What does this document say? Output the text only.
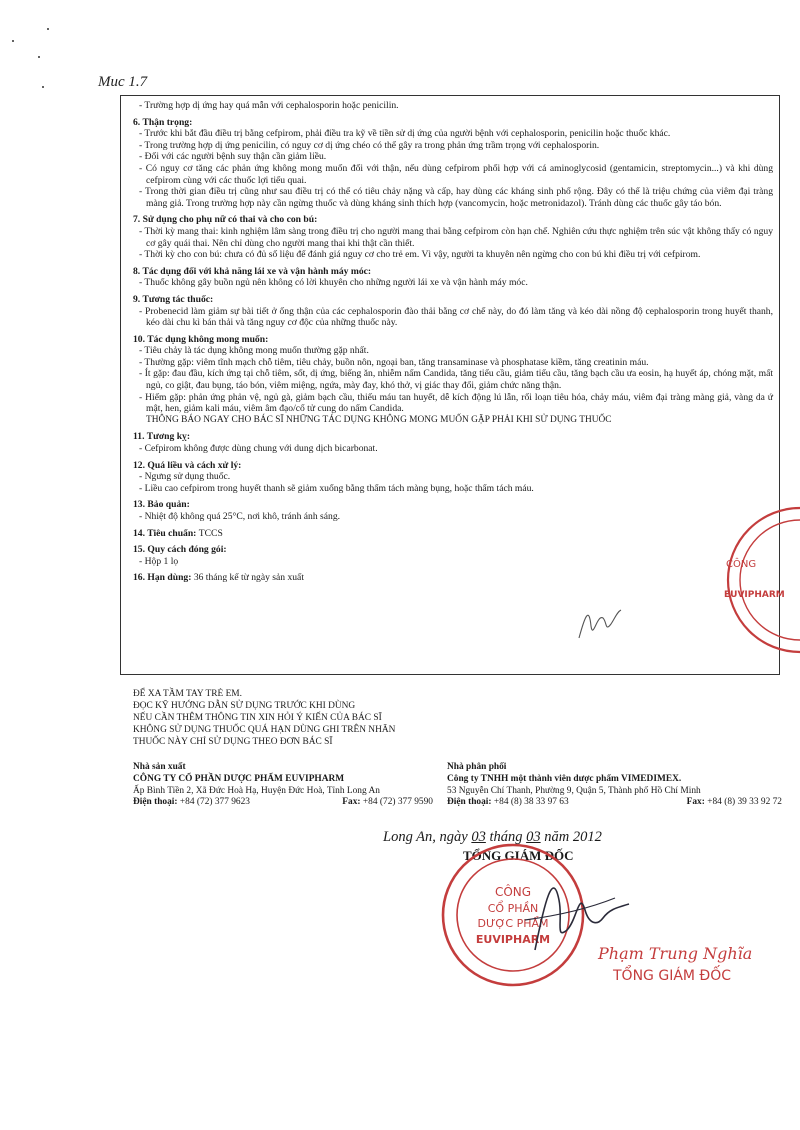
Muc 1.7
- Trường hợp dị ứng hay quá mẫn với cephalosporin hoặc penicilin.
6. Thận trọng:
- Trước khi bắt đầu điều trị bằng cefpirom, phải điều tra kỹ về tiền sử dị ứng của người bệnh với cephalosporin, penicilin hoặc thuốc khác.
- Trong trường hợp dị ứng penicilin, có nguy cơ dị ứng chéo có thể gây ra trong phản ứng trầm trọng với cephalosporin.
- Đối với các người bệnh suy thận cần giảm liều.
- Có nguy cơ tăng các phản ứng không mong muốn đối với thận, nếu dùng cefpirom phối hợp với cá aminoglycosid (gentamicin, streptomycin...) và khi dùng cefpirom cùng với các thuốc lợi tiểu quai.
- Trong thời gian điều trị cũng như sau điều trị có thể có tiêu chảy nặng và cấp, hay dùng các kháng sinh phổ rộng. Đây có thể là triệu chứng của viêm đại tràng màng giả. Trong trường hợp này cần ngừng thuốc và dùng kháng sinh thích hợp (vancomycin, hoặc metronidazol). Tránh dùng các thuốc gây táo bón.
7. Sử dụng cho phụ nữ có thai và cho con bú:
- Thời kỳ mang thai: kinh nghiệm lâm sàng trong điều trị cho người mang thai bằng cefpirom còn hạn chế. Nghiên cứu thực nghiệm trên súc vật không thấy có nguy cơ gây quái thai. Nên chỉ dùng cho người mang thai khi thật cần thiết.
- Thời kỳ cho con bú: chưa có đủ số liệu để đánh giá nguy cơ cho trẻ em. Vì vậy, người ta khuyên nên ngừng cho con bú khi điều trị với cefpirom.
8. Tác dụng đối với khả năng lái xe và vận hành máy móc:
- Thuốc không gây buồn ngủ nên không có lời khuyên cho những người lái xe và vận hành máy móc.
9. Tương tác thuốc:
- Probenecid làm giảm sự bài tiết ở ống thận của các cephalosporin đào thải bằng cơ chế này, do đó làm tăng và kéo dài nồng độ cephalosporin trong huyết thanh, kéo dài chu kì bán thải và tăng nguy cơ độc của những thuốc này.
10. Tác dụng không mong muốn:
- Tiêu chảy là tác dụng không mong muốn thường gặp nhất.
- Thường gặp: viêm tĩnh mạch chỗ tiêm, tiêu chảy, buồn nôn, ngoại ban, tăng transaminase và phosphatase kiềm, tăng creatinin máu.
- Ít gặp: đau đầu, kích ứng tại chỗ tiêm, sốt, dị ứng, biếng ăn, nhiễm nấm Candida, tăng tiểu cầu, giảm tiểu cầu, tăng bạch cầu ưa eosin, hạ huyết áp, chóng mặt, mất ngủ, co giật, đau bụng, táo bón, viêm miệng, ngứa, mày đay, khó thở, vị giác thay đổi, giảm chức năng thận.
- Hiếm gặp: phản ứng phản vệ, ngủ gà, giảm bạch cầu, thiếu máu tan huyết, dễ kích động lú lẫn, rối loạn tiêu hóa, chảy máu, viêm đại tràng màng giả, vàng da ứ mật, hen, giảm kali máu, viêm âm đạo/cổ tử cung do nấm Candida.
THÔNG BÁO NGAY CHO BÁC SĨ NHỮNG TÁC DỤNG KHÔNG MONG MUỐN GẶP PHẢI KHI SỬ DỤNG THUỐC
11. Tương kỵ:
- Cefpirom không được dùng chung với dung dịch bicarbonat.
12. Quá liều và cách xử lý:
- Ngưng sử dụng thuốc.
- Liều cao cefpirom trong huyết thanh sẽ giảm xuống bằng thẩm tách màng bụng, hoặc thẩm tách máu.
13. Bảo quản:
- Nhiệt độ không quá 25°C, nơi khô, tránh ánh sáng.
14. Tiêu chuẩn: TCCS
15. Quy cách đóng gói:
- Hộp 1 lọ
16. Hạn dùng: 36 tháng kể từ ngày sản xuất
ĐỂ XA TẦM TAY TRẺ EM.
ĐỌC KỸ HƯỚNG DẪN SỬ DỤNG TRƯỚC KHI DÙNG
NẾU CẦN THÊM THÔNG TIN XIN HỎI Ý KIẾN CỦA BÁC SĨ
KHÔNG SỬ DỤNG THUỐC QUÁ HẠN DÙNG GHI TRÊN NHÃN
THUỐC NÀY CHỈ SỬ DỤNG THEO ĐƠN BÁC SĨ
Nhà sản xuất
CÔNG TY CỔ PHẦN DƯỢC PHẨM EUVIPHARM
Ấp Bình Tiền 2, Xã Đức Hoà Hạ, Huyện Đức Hoà, Tỉnh Long An
Điện thoại: +84 (72) 377 9623	Fax: +84 (72) 377 9590
Nhà phân phối
Công ty TNHH một thành viên dược phẩm VIMEDIMEX.
53 Nguyễn Chí Thanh, Phường 9, Quận 5, Thành phố Hồ Chí Minh
Điện thoại: +84 (8) 38 33 97 63	Fax: +84 (8) 39 33 92 72
Long An, ngày 03 tháng 03 năm 2012
TỔNG GIÁM ĐỐC
CÔNG
EUVIPHARM
CÔNG
CỔ PHẦN
DƯỢC PHẨM
EUVIPHARM
Phạm Trung Nghĩa
TỔNG GIÁM ĐỐC
